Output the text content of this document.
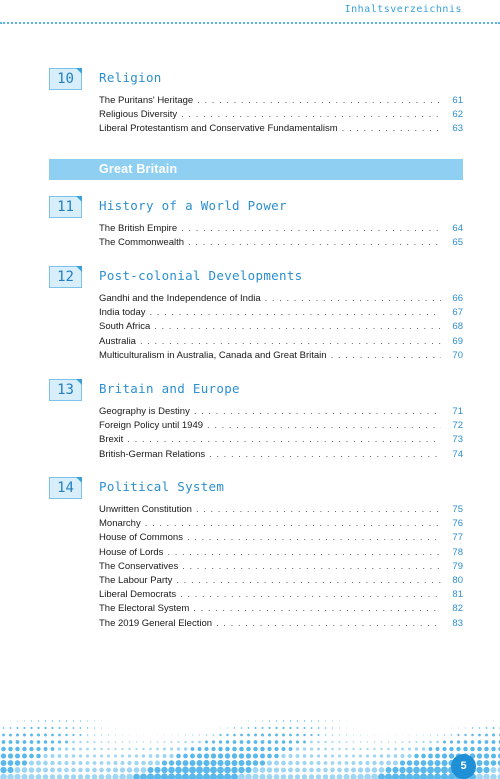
Inhaltsverzeichnis
10	Religion
The Puritans' Heritage . . .	61
Religious Diversity . . .	62
Liberal Protestantism and Conservative Fundamentalism . . .	63
Great Britain
11	History of a World Power
The British Empire . . .	64
The Commonwealth . . .	65
12	Post-colonial Developments
Gandhi and the Independence of India . . .	66
India today . . .	67
South Africa . . .	68
Australia . . .	69
Multiculturalism in Australia, Canada and Great Britain . . .	70
13	Britain and Europe
Geography is Destiny . . .	71
Foreign Policy until 1949 . . .	72
Brexit . . .	73
British-German Relations . . .	74
14	Political System
Unwritten Constitution . . .	75
Monarchy . . .	76
House of Commons . . .	77
House of Lords . . .	78
The Conservatives . . .	79
The Labour Party . . .	80
Liberal Democrats . . .	81
The Electoral System . . .	82
The 2019 General Election . . .	83
5
